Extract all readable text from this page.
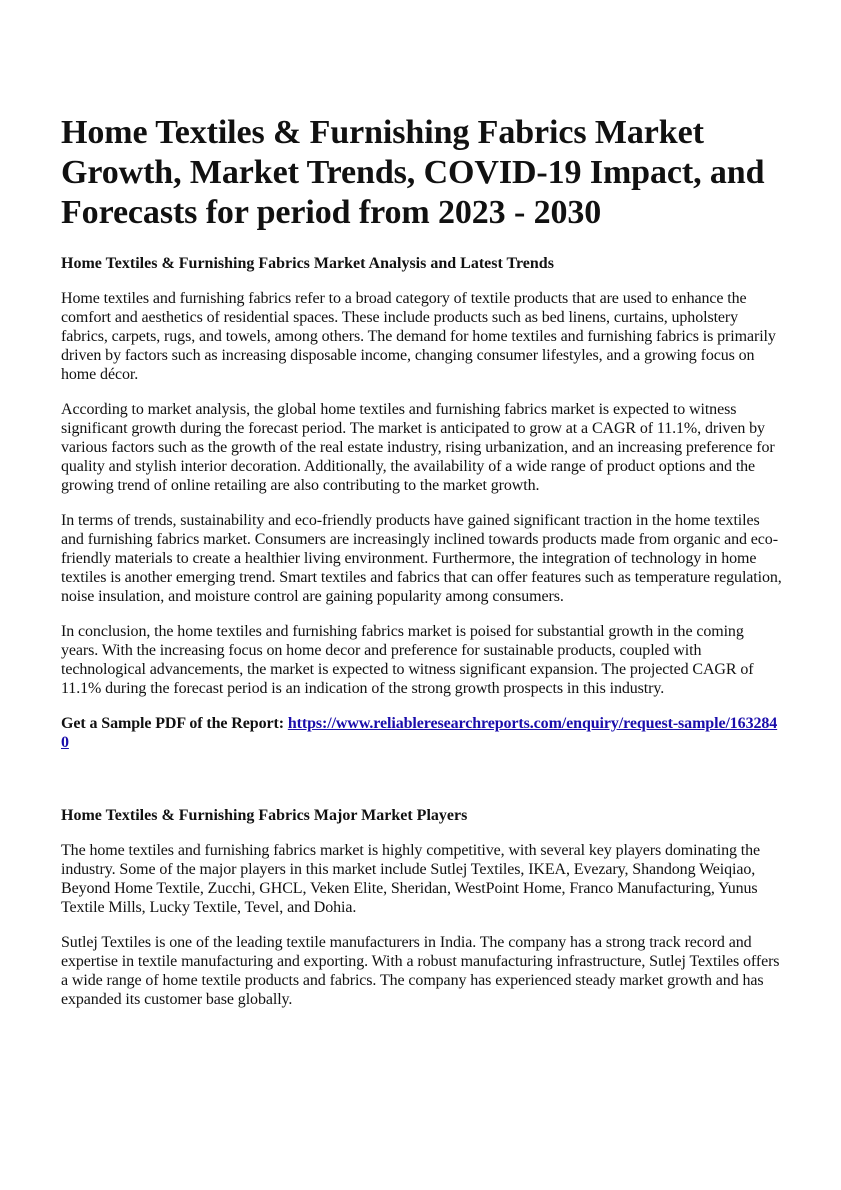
Home Textiles & Furnishing Fabrics Market Growth, Market Trends, COVID-19 Impact, and Forecasts for period from 2023 - 2030
Home Textiles & Furnishing Fabrics Market Analysis and Latest Trends

Home textiles and furnishing fabrics refer to a broad category of textile products that are used to enhance the comfort and aesthetics of residential spaces. These include products such as bed linens, curtains, upholstery fabrics, carpets, rugs, and towels, among others. The demand for home textiles and furnishing fabrics is primarily driven by factors such as increasing disposable income, changing consumer lifestyles, and a growing focus on home décor.

According to market analysis, the global home textiles and furnishing fabrics market is expected to witness significant growth during the forecast period. The market is anticipated to grow at a CAGR of 11.1%, driven by various factors such as the growth of the real estate industry, rising urbanization, and an increasing preference for quality and stylish interior decoration. Additionally, the availability of a wide range of product options and the growing trend of online retailing are also contributing to the market growth.

In terms of trends, sustainability and eco-friendly products have gained significant traction in the home textiles and furnishing fabrics market. Consumers are increasingly inclined towards products made from organic and eco-friendly materials to create a healthier living environment. Furthermore, the integration of technology in home textiles is another emerging trend. Smart textiles and fabrics that can offer features such as temperature regulation, noise insulation, and moisture control are gaining popularity among consumers.

In conclusion, the home textiles and furnishing fabrics market is poised for substantial growth in the coming years. With the increasing focus on home decor and preference for sustainable products, coupled with technological advancements, the market is expected to witness significant expansion. The projected CAGR of 11.1% during the forecast period is an indication of the strong growth prospects in this industry.

Get a Sample PDF of the Report: https://www.reliableresearchreports.com/enquiry/request-sample/1632840

Home Textiles & Furnishing Fabrics Major Market Players

The home textiles and furnishing fabrics market is highly competitive, with several key players dominating the industry. Some of the major players in this market include Sutlej Textiles, IKEA, Evezary, Shandong Weiqiao, Beyond Home Textile, Zucchi, GHCL, Veken Elite, Sheridan, WestPoint Home, Franco Manufacturing, Yunus Textile Mills, Lucky Textile, Tevel, and Dohia.

Sutlej Textiles is one of the leading textile manufacturers in India. The company has a strong track record and expertise in textile manufacturing and exporting. With a robust manufacturing infrastructure, Sutlej Textiles offers a wide range of home textile products and fabrics. The company has experienced steady market growth and has expanded its customer base globally.
